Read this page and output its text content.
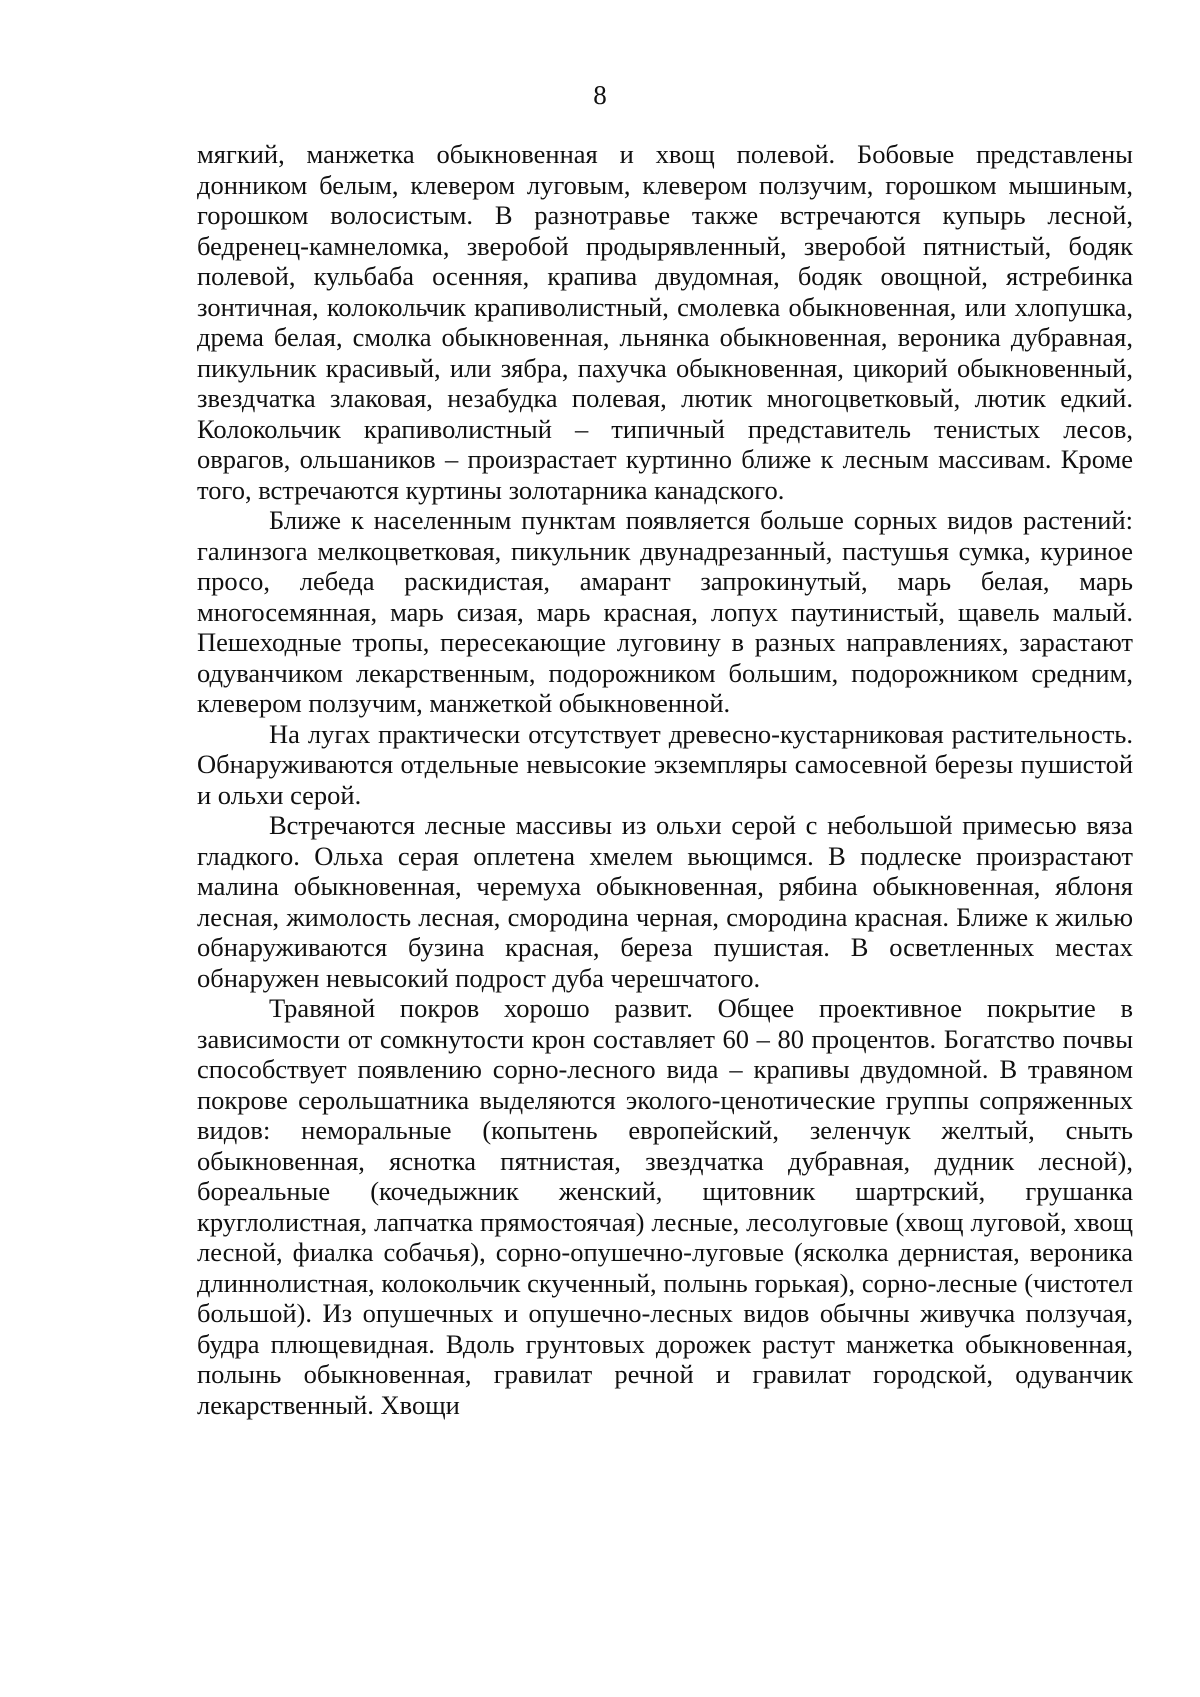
8

мягкий, манжетка обыкновенная и хвощ полевой. Бобовые представлены донником белым, клевером луговым, клевером ползучим, горошком мышиным, горошком волосистым. В разнотравье также встречаются купырь лесной, бедренец-камнеломка, зверобой продырявленный, зверобой пятнистый, бодяк полевой, кульбаба осенняя, крапива двудомная, бодяк овощной, ястребинка зонтичная, колокольчик крапиволистный, смолевка обыкновенная, или хлопушка, дрема белая, смолка обыкновенная, льнянка обыкновенная, вероника дубравная, пикульник красивый, или зябра, пахучка обыкновенная, цикорий обыкновенный, звездчатка злаковая, незабудка полевая, лютик многоцветковый, лютик едкий. Колокольчик крапиволистный – типичный представитель тенистых лесов, оврагов, ольшаников – произрастает куртинно ближе к лесным массивам. Кроме того, встречаются куртины золотарника канадского.

Ближе к населенным пунктам появляется больше сорных видов растений: галинзога мелкоцветковая, пикульник двунадрезанный, пастушья сумка, куриное просо, лебеда раскидистая, амарант запрокинутый, марь белая, марь многосемянная, марь сизая, марь красная, лопух паутинистый, щавель малый. Пешеходные тропы, пересекающие луговину в разных направлениях, зарастают одуванчиком лекарственным, подорожником большим, подорожником средним, клевером ползучим, манжеткой обыкновенной.

На лугах практически отсутствует древесно-кустарниковая растительность. Обнаруживаются отдельные невысокие экземпляры самосевной березы пушистой и ольхи серой.

Встречаются лесные массивы из ольхи серой с небольшой примесью вяза гладкого. Ольха серая оплетена хмелем вьющимся. В подлеске произрастают малина обыкновенная, черемуха обыкновенная, рябина обыкновенная, яблоня лесная, жимолость лесная, смородина черная, смородина красная. Ближе к жилью обнаруживаются бузина красная, береза пушистая. В осветленных местах обнаружен невысокий подрост дуба черешчатого.

Травяной покров хорошо развит. Общее проективное покрытие в зависимости от сомкнутости крон составляет 60 – 80 процентов. Богатство почвы способствует появлению сорно-лесного вида – крапивы двудомной. В травяном покрове серольшатника выделяются эколого-ценотические группы сопряженных видов: неморальные (копытень европейский, зеленчук желтый, сныть обыкновенная, яснотка пятнистая, звездчатка дубравная, дудник лесной), бореальные (кочедыжник женский, щитовник шартрский, грушанка круглолистная, лапчатка прямостоячая) лесные, лесолуговые (хвощ луговой, хвощ лесной, фиалка собачья), сорно-опушечно-луговые (ясколка дернистая, вероника длиннолистная, колокольчик скученный, полынь горькая), сорно-лесные (чистотел большой). Из опушечных и опушечно-лесных видов обычны живучка ползучая, будра плющевидная. Вдоль грунтовых дорожек растут манжетка обыкновенная, полынь обыкновенная, гравилат речной и гравилат городской, одуванчик лекарственный. Хвощи
